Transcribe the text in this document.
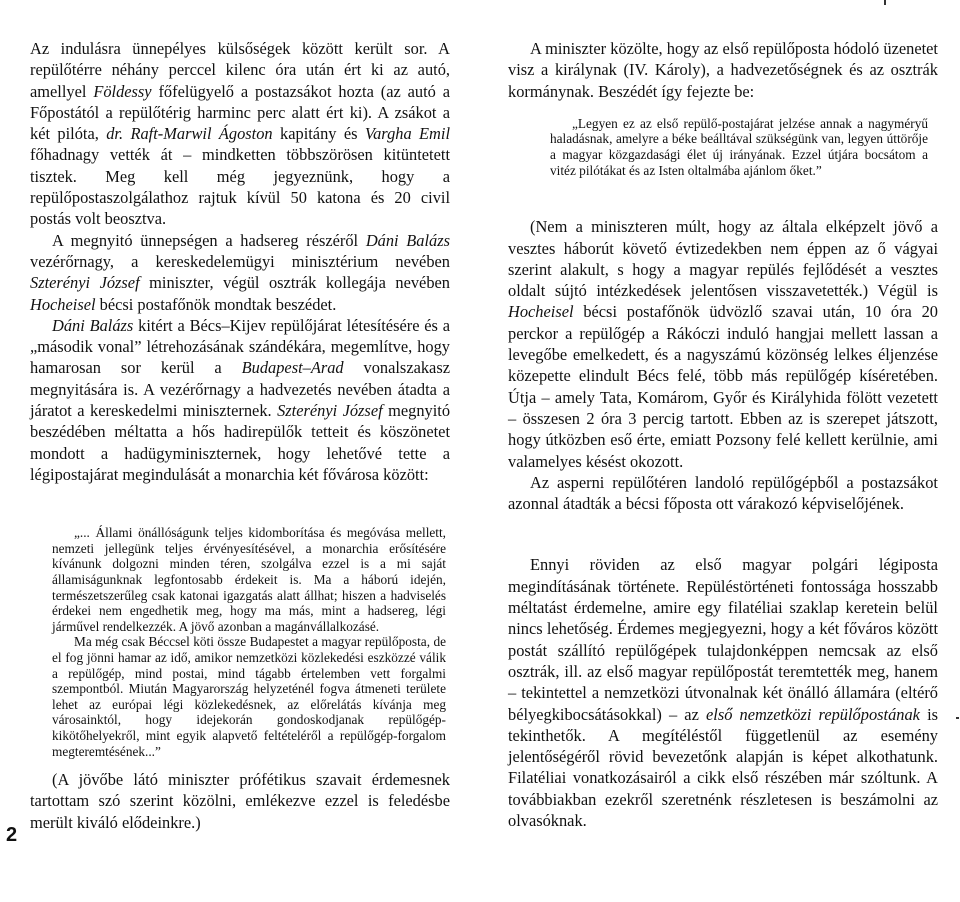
Az indulásra ünnepélyes külsőségek között került sor. A repülőtérre néhány perccel kilenc óra után ért ki az autó, amellyel Földessy főfelügyelő a postazsákot hozta (az autó a Főpostától a repülőtérig harminc perc alatt ért ki). A zsákot a két pilóta, dr. Raft-Marwil Ágoston kapitány és Vargha Emil főhadnagy vették át – mindketten többszörösen kitüntetett tisztek. Meg kell még jegyeznünk, hogy a repülőpostaszolgálathoz rajtuk kívül 50 katona és 20 civil postás volt beosztva.

A megnyitó ünnepségen a hadsereg részéről Dáni Balázs vezérőrnagy, a kereskedelemügyi minisztérium nevében Szterényi József miniszter, végül osztrák kollegája nevében Hocheisel bécsi postafőnök mondtak beszédet.

Dáni Balázs kitért a Bécs–Kijev repülőjárat létesítésére és a „második vonal” létrehozásának szándékára, megemlítve, hogy hamarosan sor kerül a Budapest–Arad vonalszakasz megnyitására is. A vezérőrnagy a hadvezetés nevében átadta a járatot a kereskedelmi miniszternek. Szterényi József megnyitó beszédében méltatta a hős hadirepülők tetteit és köszönetet mondott a hadügyminiszternek, hogy lehetővé tette a légipostajárat megindulását a monarchia két fővárosa között:

„... Állami önállóságunk teljes kidomborítása és megóvása mellett, nemzeti jellegünk teljes érvényesítésével, a monarchia erősítésére kívánunk dolgozni minden téren, szolgálva ezzel is a mi saját államiságunknak legfontosabb érdekeit is. Ma a háború idején, természetszerűleg csak katonai igazgatás alatt állhat; hiszen a hadviselés érdekei nem engedhetik meg, hogy ma más, mint a hadsereg, légi járművel rendelkezzék. A jövő azonban a magánvállalkozásé.

Ma még csak Béccsel köti össze Budapestet a magyar repülőposta, de el fog jönni hamar az idő, amikor nemzetközi közlekedési eszközzé válik a repülőgép, mind postai, mind tágabb értelemben vett forgalmi szempontból. Miután Magyarország helyzeténél fogva átmeneti területe lehet az európai légi közlekedésnek, az előrelátás kívánja meg városainktól, hogy idejekorán gondoskodjanak repülőgép-kikötőhelyekről, mint egyik alapvető feltételéről a repülőgép-forgalom megteremtésének...”

(A jövőbe látó miniszter prófétikus szavait érdemesnek tartottam szó szerint közölni, emlékezve ezzel is feledésbe merült kiváló elődeinkre.)

A miniszter közölte, hogy az első repülőposta hódoló üzenetet visz a királynak (IV. Károly), a hadvezetőségnek és az osztrák kormánynak. Beszédét így fejezte be:

„Legyen ez az első repülő-postajárat jelzése annak a nagyméryű haladásnak, amelyre a béke beálltával szükségünk van, legyen úttörője a magyar közgazdasági élet új irányának. Ezzel útjára bocsátom a vitéz pilótákat és az Isten oltalmába ajánlom őket.”

(Nem a miniszteren múlt, hogy az általa elképzelt jövő a vesztes háborút követő évtizedekben nem éppen az ő vágyai szerint alakult, s hogy a magyar repülés fejlődését a vesztes oldalt sújtó intézkedések jelentősen visszavetették.) Végül is Hocheisel bécsi postafőnök üdvözlő szavai után, 10 óra 20 perckor a repülőgép a Rákóczi induló hangjai mellett lassan a levegőbe emelkedett, és a nagyszámú közönség lelkes éljenzése közepette elindult Bécs felé, több más repülőgép kíséretében. Útja – amely Tata, Komárom, Győr és Királyhida fölött vezetett – összesen 2 óra 3 percig tartott. Ebben az is szerepet játszott, hogy útközben eső érte, emiatt Pozsony felé kellett kerülnie, ami valamelyes késést okozott.

Az asperni repülőtéren landoló repülőgépből a postazsákot azonnal átadták a bécsi főposta ott várakozó képviselőjének.

Ennyi röviden az első magyar polgári légiposta megindításának története. Repüléstörténeti fontossága hosszabb méltatást érdemelne, amire egy filatéliai szaklap keretein belül nincs lehetőség. Érdemes megjegyezni, hogy a két főváros között postát szállító repülőgépek tulajdonképpen nemcsak az első osztrák, ill. az első magyar repülőpostát teremtették meg, hanem – tekintettel a nemzetközi útvonalnak két önálló államára (eltérő bélyegkibocsátásokkal) – az első nemzetközi repülőpostának is tekinthetők. A megítéléstől függetlenül az esemény jelentőségéről rövid bevezetőnk alapján is képet alkothatunk. Filatéliai vonatkozásairól a cikk első részében már szóltunk. A továbbiakban ezekről szeretnénk részletesen is beszámolni az olvasóknak.

2
